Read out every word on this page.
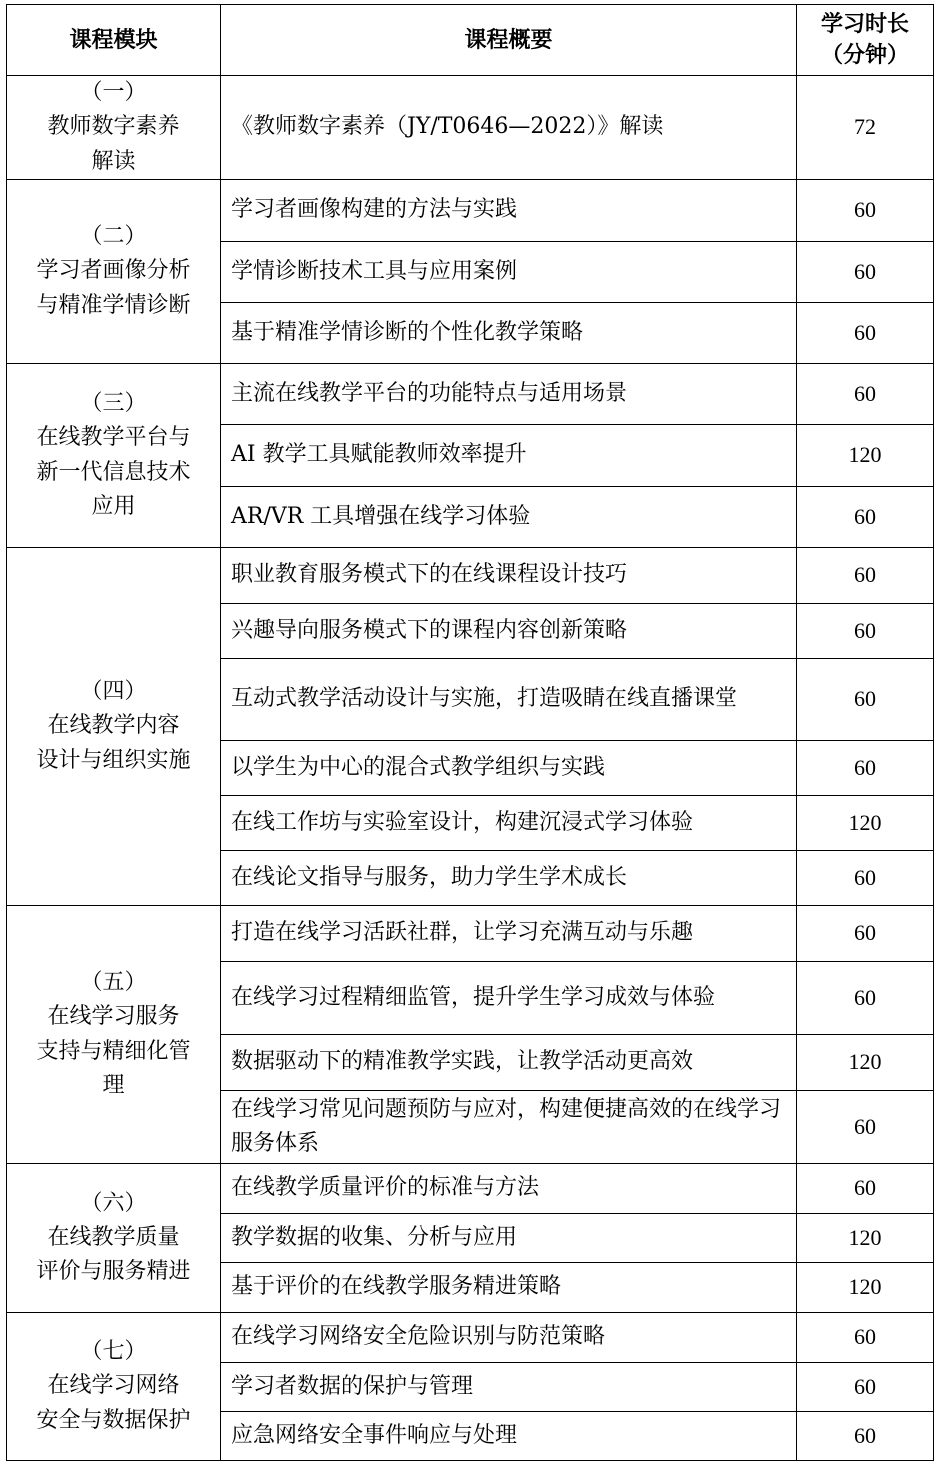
课程模块	课程概要	学习时长
（分钟）

（一）
教师数字素养
解读	《教师数字素养（JY/T0646—2022）》解读	72

（二）
学习者画像分析
与精准学情诊断	学习者画像构建的方法与实践	60
	学情诊断技术工具与应用案例	60
	基于精准学情诊断的个性化教学策略	60

（三）
在线教学平台与
新一代信息技术
应用	主流在线教学平台的功能特点与适用场景	60
	AI 教学工具赋能教师效率提升	120
	AR/VR 工具增强在线学习体验	60

（四）
在线教学内容
设计与组织实施	职业教育服务模式下的在线课程设计技巧	60
	兴趣导向服务模式下的课程内容创新策略	60
	互动式教学活动设计与实施，打造吸睛在线直播课堂	60
	以学生为中心的混合式教学组织与实践	60
	在线工作坊与实验室设计，构建沉浸式学习体验	120
	在线论文指导与服务，助力学生学术成长	60

（五）
在线学习服务
支持与精细化管
理	打造在线学习活跃社群，让学习充满互动与乐趣	60
	在线学习过程精细监管，提升学生学习成效与体验	60
	数据驱动下的精准教学实践，让教学活动更高效	120
	在线学习常见问题预防与应对，构建便捷高效的在线学习服务体系	60

（六）
在线教学质量
评价与服务精进	在线教学质量评价的标准与方法	60
	教学数据的收集、分析与应用	120
	基于评价的在线教学服务精进策略	120

（七）
在线学习网络
安全与数据保护	在线学习网络安全危险识别与防范策略	60
	学习者数据的保护与管理	60
	应急网络安全事件响应与处理	60
